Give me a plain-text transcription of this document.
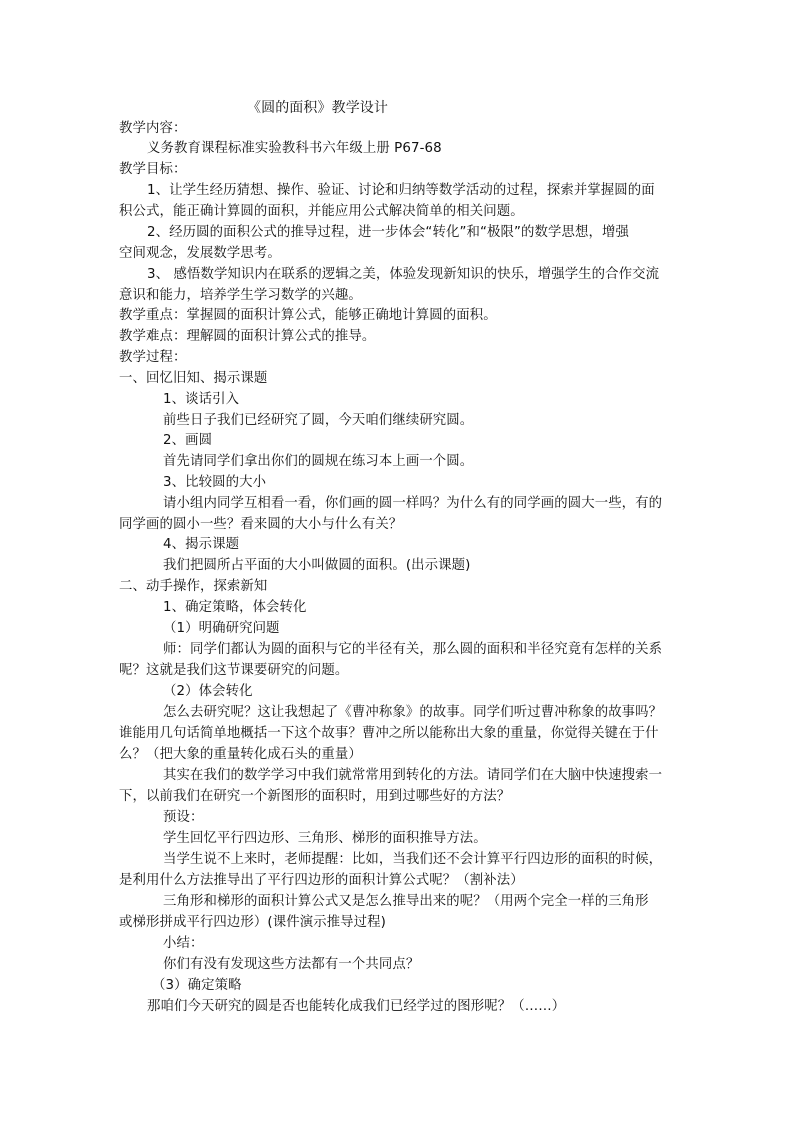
《圆的面积》教学设计
教学内容：
义务教育课程标准实验教科书六年级上册 P67-68
教学目标：
1、让学生经历猜想、操作、验证、讨论和归纳等数学活动的过程，探索并掌握圆的面
积公式，能正确计算圆的面积，并能应用公式解决简单的相关问题。
2、经历圆的面积公式的推导过程，进一步体会“转化”和“极限”的数学思想，增强
空间观念，发展数学思考。
3、 感悟数学知识内在联系的逻辑之美，体验发现新知识的快乐，增强学生的合作交流
意识和能力，培养学生学习数学的兴趣。
教学重点：掌握圆的面积计算公式，能够正确地计算圆的面积。
教学难点：理解圆的面积计算公式的推导。
教学过程：
一、回忆旧知、揭示课题
1、谈话引入
前些日子我们已经研究了圆，今天咱们继续研究圆。
2、画圆
首先请同学们拿出你们的圆规在练习本上画一个圆。
3、比较圆的大小
请小组内同学互相看一看，你们画的圆一样吗？为什么有的同学画的圆大一些，有的
同学画的圆小一些？看来圆的大小与什么有关？
4、揭示课题
我们把圆所占平面的大小叫做圆的面积。(出示课题)
二、动手操作，探索新知
1、确定策略，体会转化
（1）明确研究问题
师：同学们都认为圆的面积与它的半径有关，那么圆的面积和半径究竟有怎样的关系
呢？这就是我们这节课要研究的问题。
（2）体会转化
怎么去研究呢？这让我想起了《曹冲称象》的故事。同学们听过曹冲称象的故事吗？
谁能用几句话简单地概括一下这个故事？曹冲之所以能称出大象的重量，你觉得关键在于什
么？（把大象的重量转化成石头的重量）
其实在我们的数学学习中我们就常常用到转化的方法。请同学们在大脑中快速搜索一
下，以前我们在研究一个新图形的面积时，用到过哪些好的方法？
预设：
学生回忆平行四边形、三角形、梯形的面积推导方法。
当学生说不上来时，老师提醒：比如，当我们还不会计算平行四边形的面积的时候，
是利用什么方法推导出了平行四边形的面积计算公式呢？（割补法）
三角形和梯形的面积计算公式又是怎么推导出来的呢？（用两个完全一样的三角形
或梯形拼成平行四边形）(课件演示推导过程)
小结：
你们有没有发现这些方法都有一个共同点？
（3）确定策略
那咱们今天研究的圆是否也能转化成我们已经学过的图形呢？（……）
